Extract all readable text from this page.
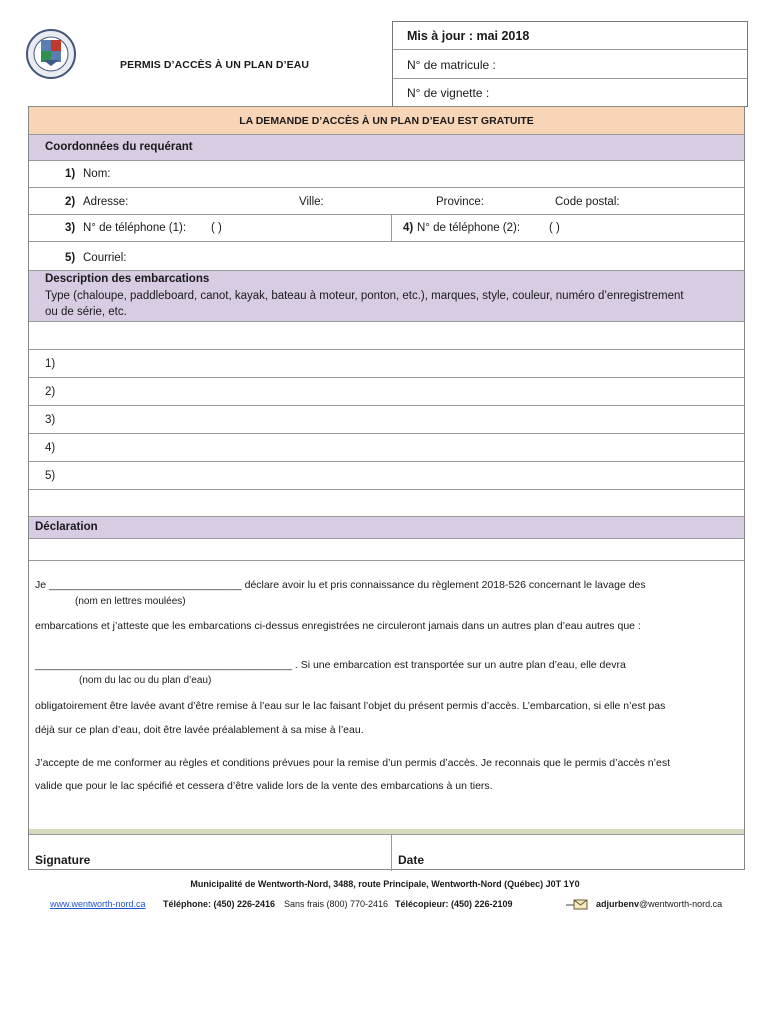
PERMIS D’ACCÈS À UN PLAN D’EAU
Mis à jour : mai 2018
N° de matricule :
N° de vignette :
LA DEMANDE D’ACCÈS À UN PLAN D’EAU EST GRATUITE
Coordonnées du requérant
1) Nom:
2) Adresse:	Ville:	Province:	Code postal:
3) N° de téléphone (1): ( )	4) N° de téléphone (2):	( )
5) Courriel:
Description des embarcations
Type (chaloupe, paddleboard, canot, kayak, bateau à moteur, ponton, etc.), marques, style, couleur, numéro d’enregistrement
ou de série, etc.
1)
2)
3)
4)
5)
Déclaration
Je _________________________________ déclare avoir lu et pris connaissance du règlement 2018-526 concernant le lavage des
(nom en lettres moulées)
embarcations et j’atteste que les embarcations ci-dessus enregistrées ne circuleront jamais dans un autres plan d’eau autres que :
____________________________________________ . Si une embarcation est transportée sur un autre plan d’eau, elle devra
(nom du lac ou du plan d’eau)
obligatoirement être lavée avant d’être remise à l’eau sur le lac faisant l’objet du présent permis d’accès. L’embarcation, si elle n’est pas
déjà sur ce plan d’eau, doit être lavée préalablement à sa mise à l’eau.
J’accepte de me conformer au règles et conditions prévues pour la remise d’un permis d’accès. Je reconnais que le permis d’accès n’est
valide que pour le lac spécifié et cessera d’être valide lors de la vente des embarcations à un tiers.
Signature	Date
Municipalité de Wentworth-Nord, 3488, route Principale, Wentworth-Nord (Québec) J0T 1Y0
www.wentworth-nord.ca Téléphone: (450) 226-2416 Sans frais (800) 770-2416 Télécopieur: (450) 226-2109	adjurbenv@wentworth-nord.ca
